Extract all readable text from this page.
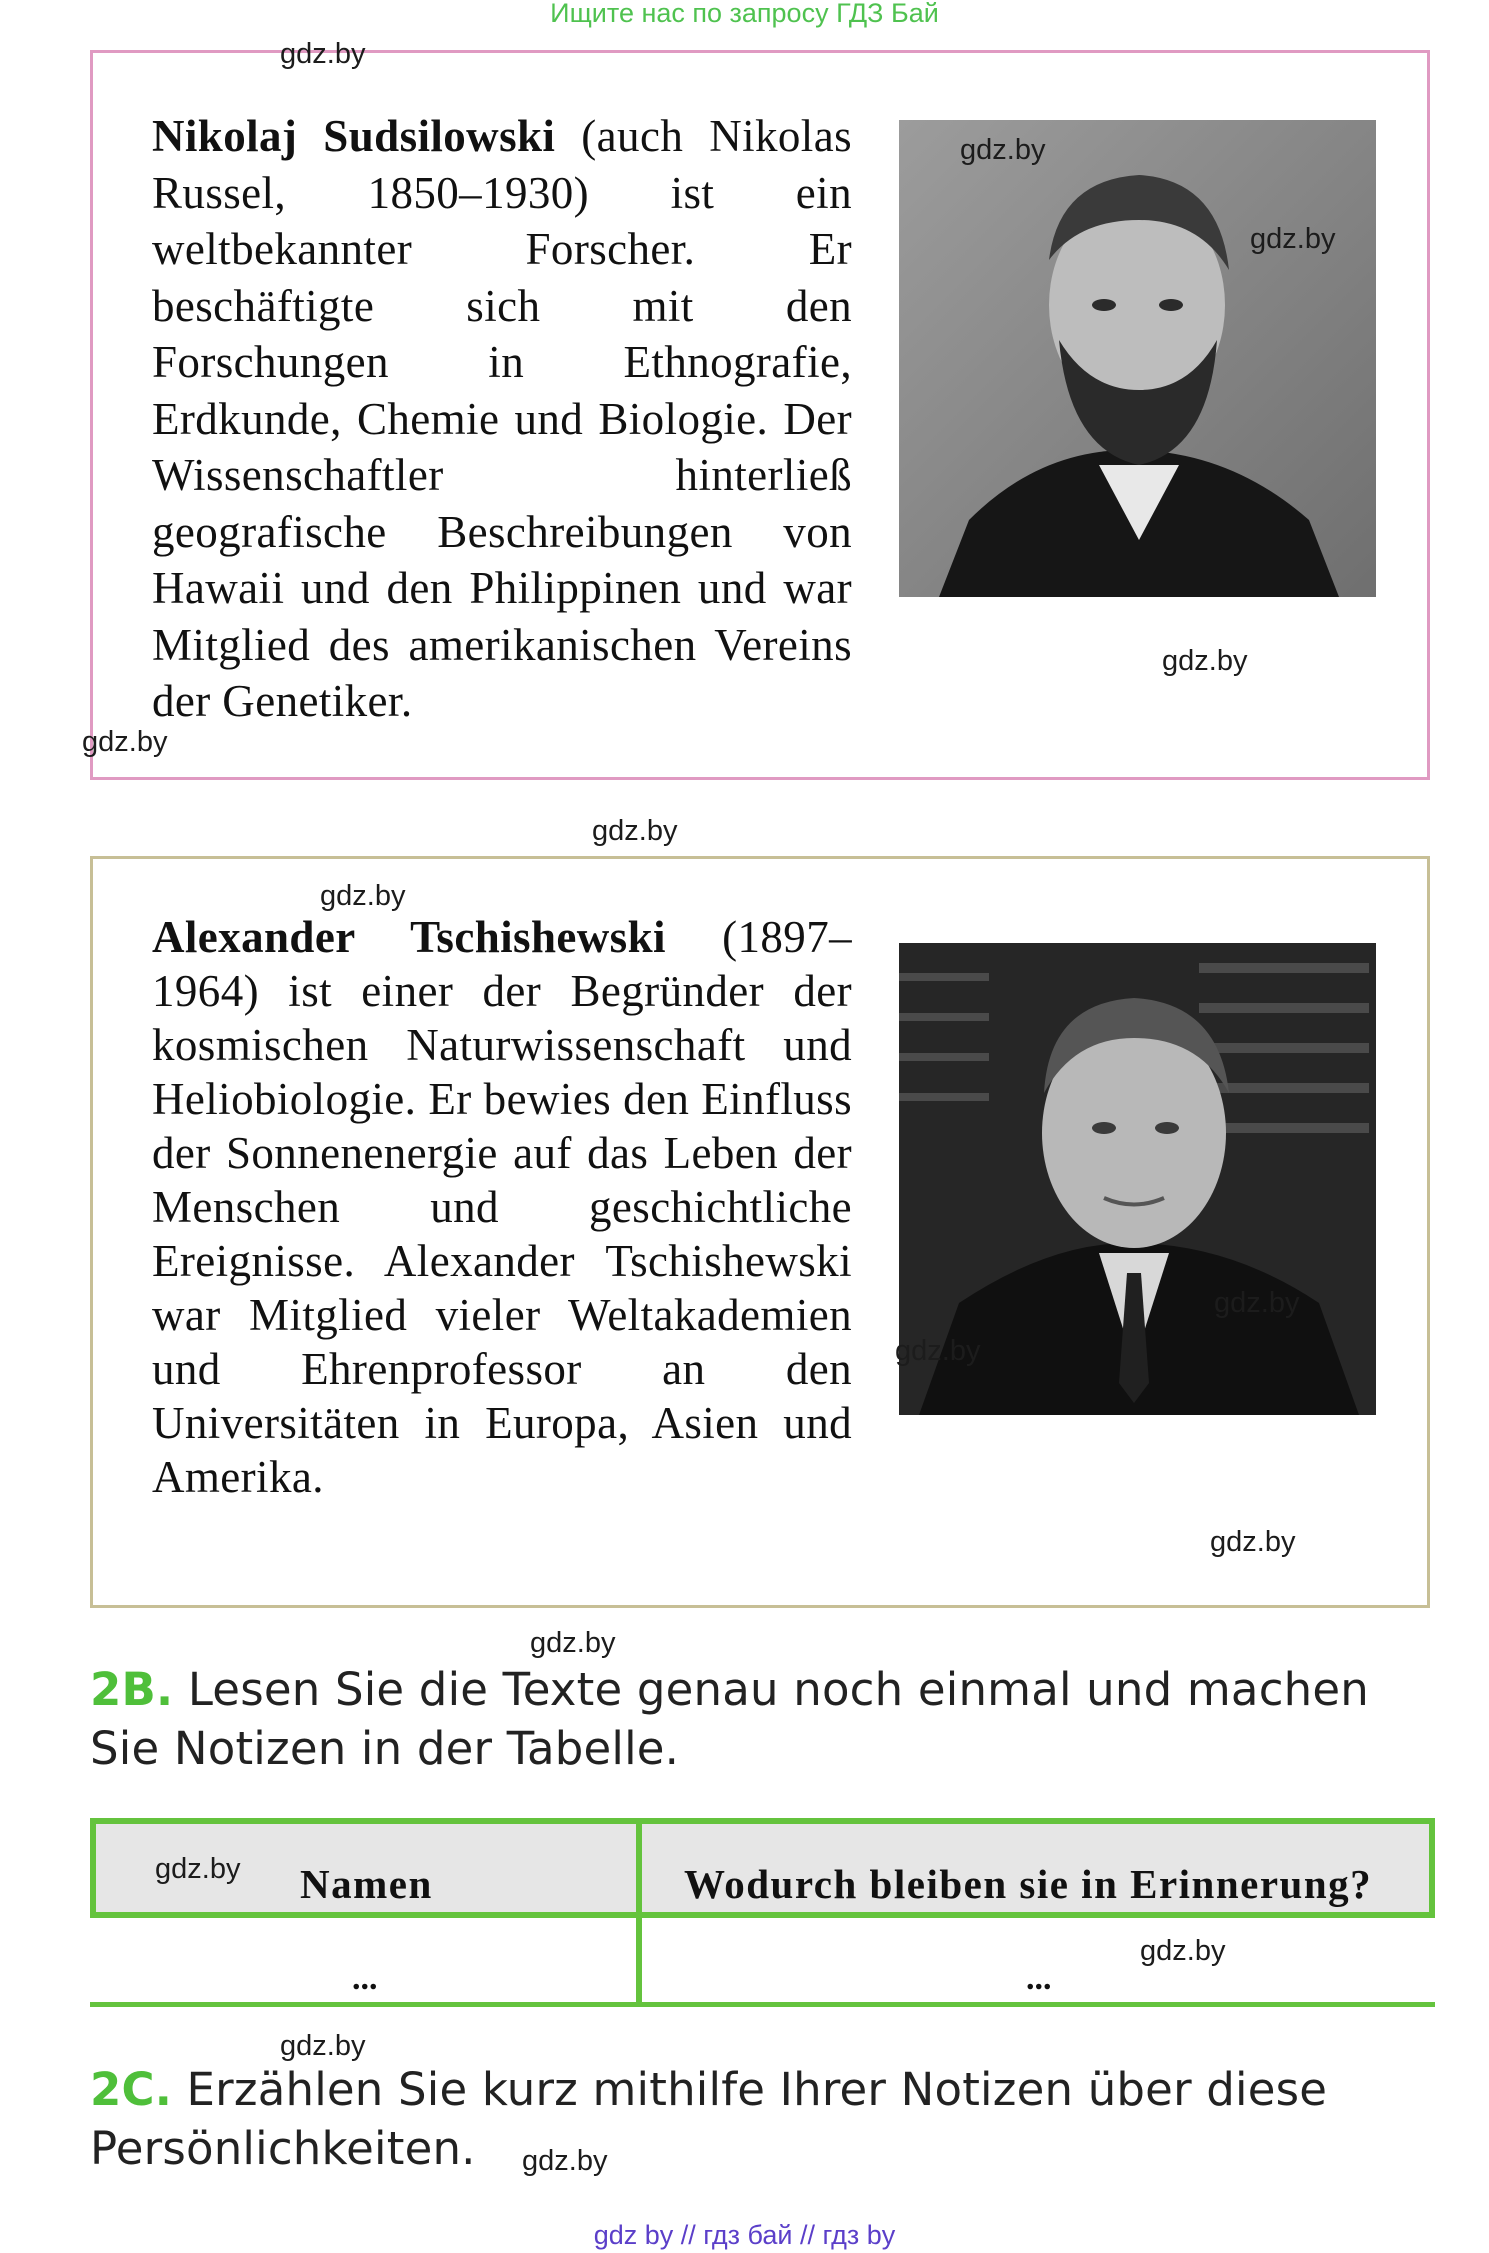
Ищите нас по запросу ГДЗ Бай
Nikolaj Sudsilowski (auch Nikolas Russel, 1850–1930) ist ein weltbekannter Forscher. Er beschäftigte sich mit den Forschungen in Ethnografie, Erdkunde, Chemie und Biologie. Der Wissenschaftler hinterließ geografische Beschreibungen von Hawaii und den Philippinen und war Mitglied des amerikanischen Vereins der Genetiker.
Alexander Tschishewski (1897–1964) ist einer der Begründer der kosmischen Naturwissenschaft und Heliobiologie. Er bewies den Einfluss der Sonnenenergie auf das Leben der Menschen und geschichtliche Ereignisse. Alexander Tschishewski war Mitglied vieler Weltakademien und Ehrenprofessor an den Universitäten in Europa, Asien und Amerika.
2B. Lesen Sie die Texte genau noch einmal und machen Sie Notizen in der Tabelle.
Namen	Wodurch bleiben sie in Erinnerung?
...	...
2C. Erzählen Sie kurz mithilfe Ihrer Notizen über diese Persönlichkeiten.
gdz.by
gdz.by
gdz.by
gdz.by
gdz.by
gdz.by
gdz.by
gdz.by
gdz.by
gdz.by
gdz.by
gdz.by
gdz.by
gdz.by
gdz.by
gdz by // гдз бай // гдз by
